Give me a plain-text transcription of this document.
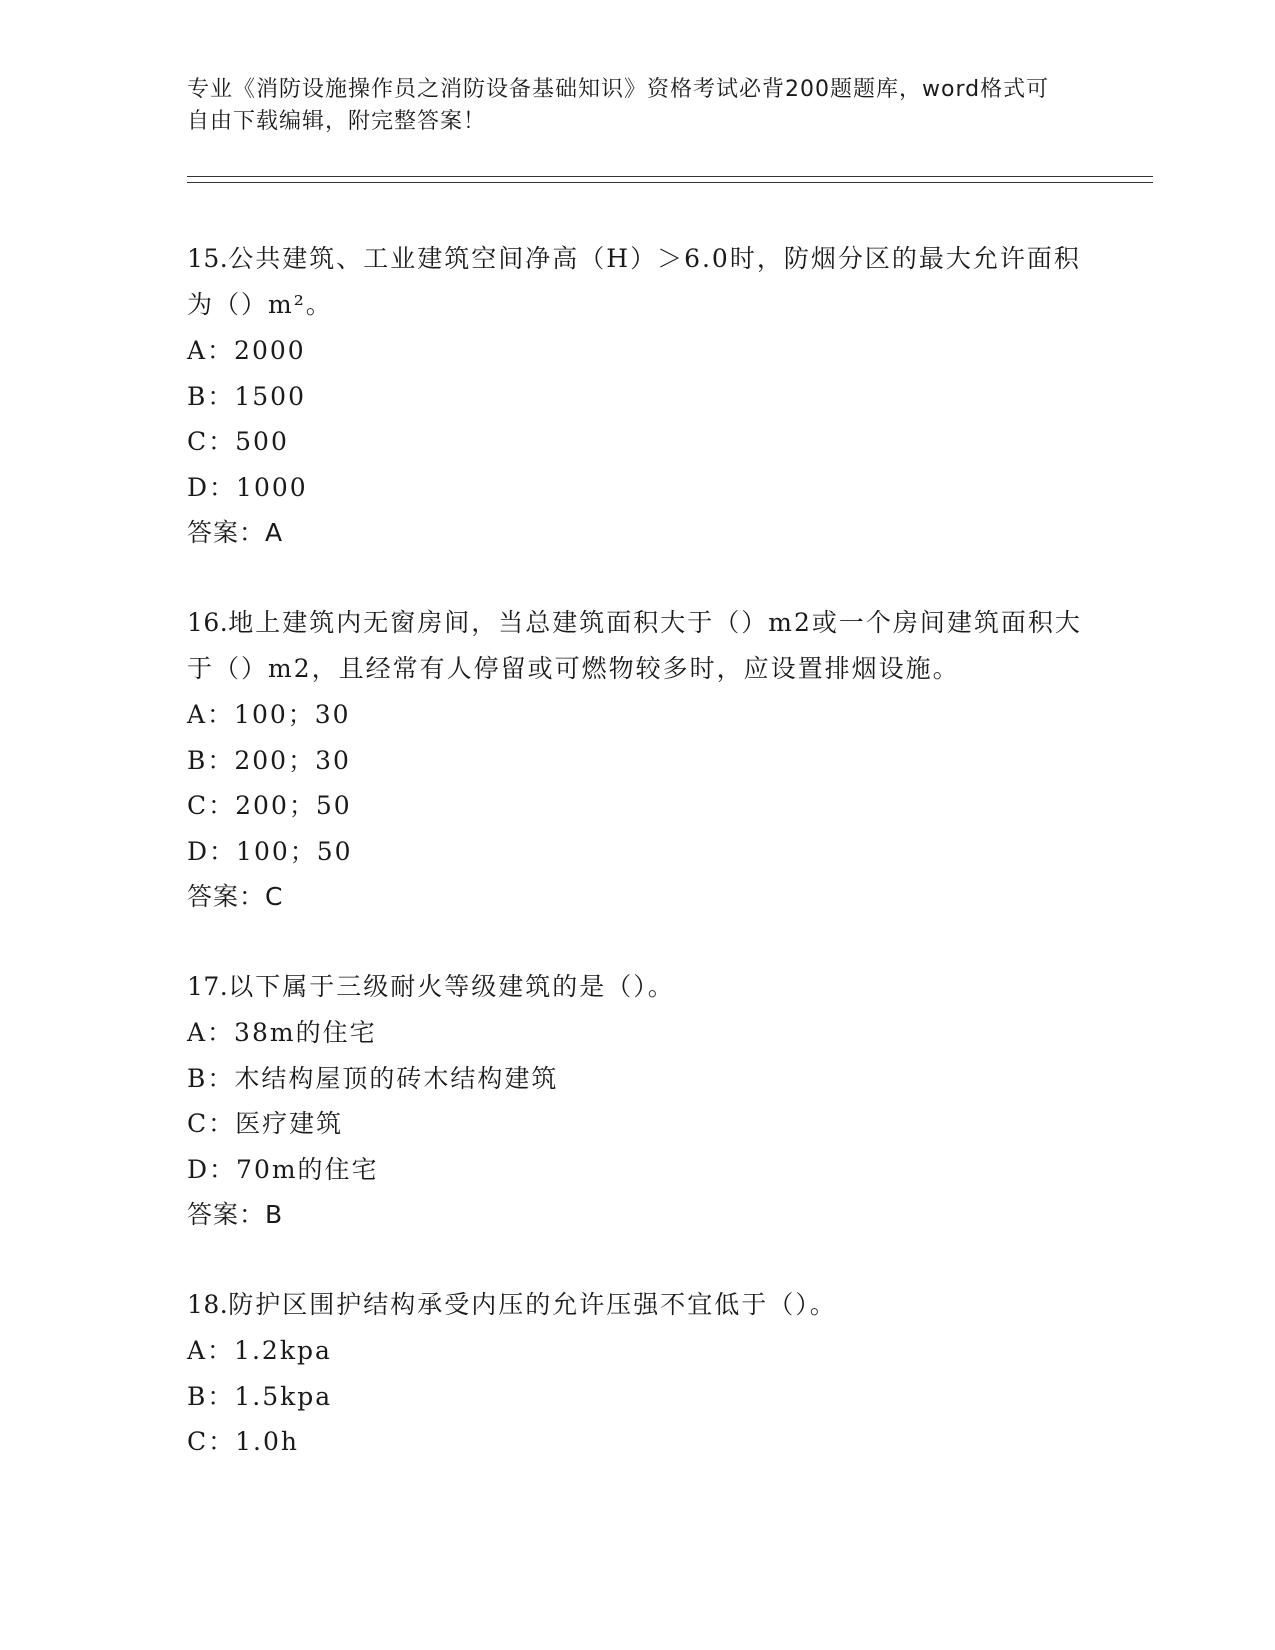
专业《消防设施操作员之消防设备基础知识》资格考试必背200题题库，word格式可自由下载编辑，附完整答案！
15.公共建筑、工业建筑空间净高（H）＞6.0时，防烟分区的最大允许面积为（）m²。
A：2000
B：1500
C：500
D：1000
答案：A
16.地上建筑内无窗房间，当总建筑面积大于（）m2或一个房间建筑面积大于（）m2，且经常有人停留或可燃物较多时，应设置排烟设施。
A：100；30
B：200；30
C：200；50
D：100；50
答案：C
17.以下属于三级耐火等级建筑的是（）。
A：38m的住宅
B：木结构屋顶的砖木结构建筑
C：医疗建筑
D：70m的住宅
答案：B
18.防护区围护结构承受内压的允许压强不宜低于（）。
A：1.2kpa
B：1.5kpa
C：1.0h
